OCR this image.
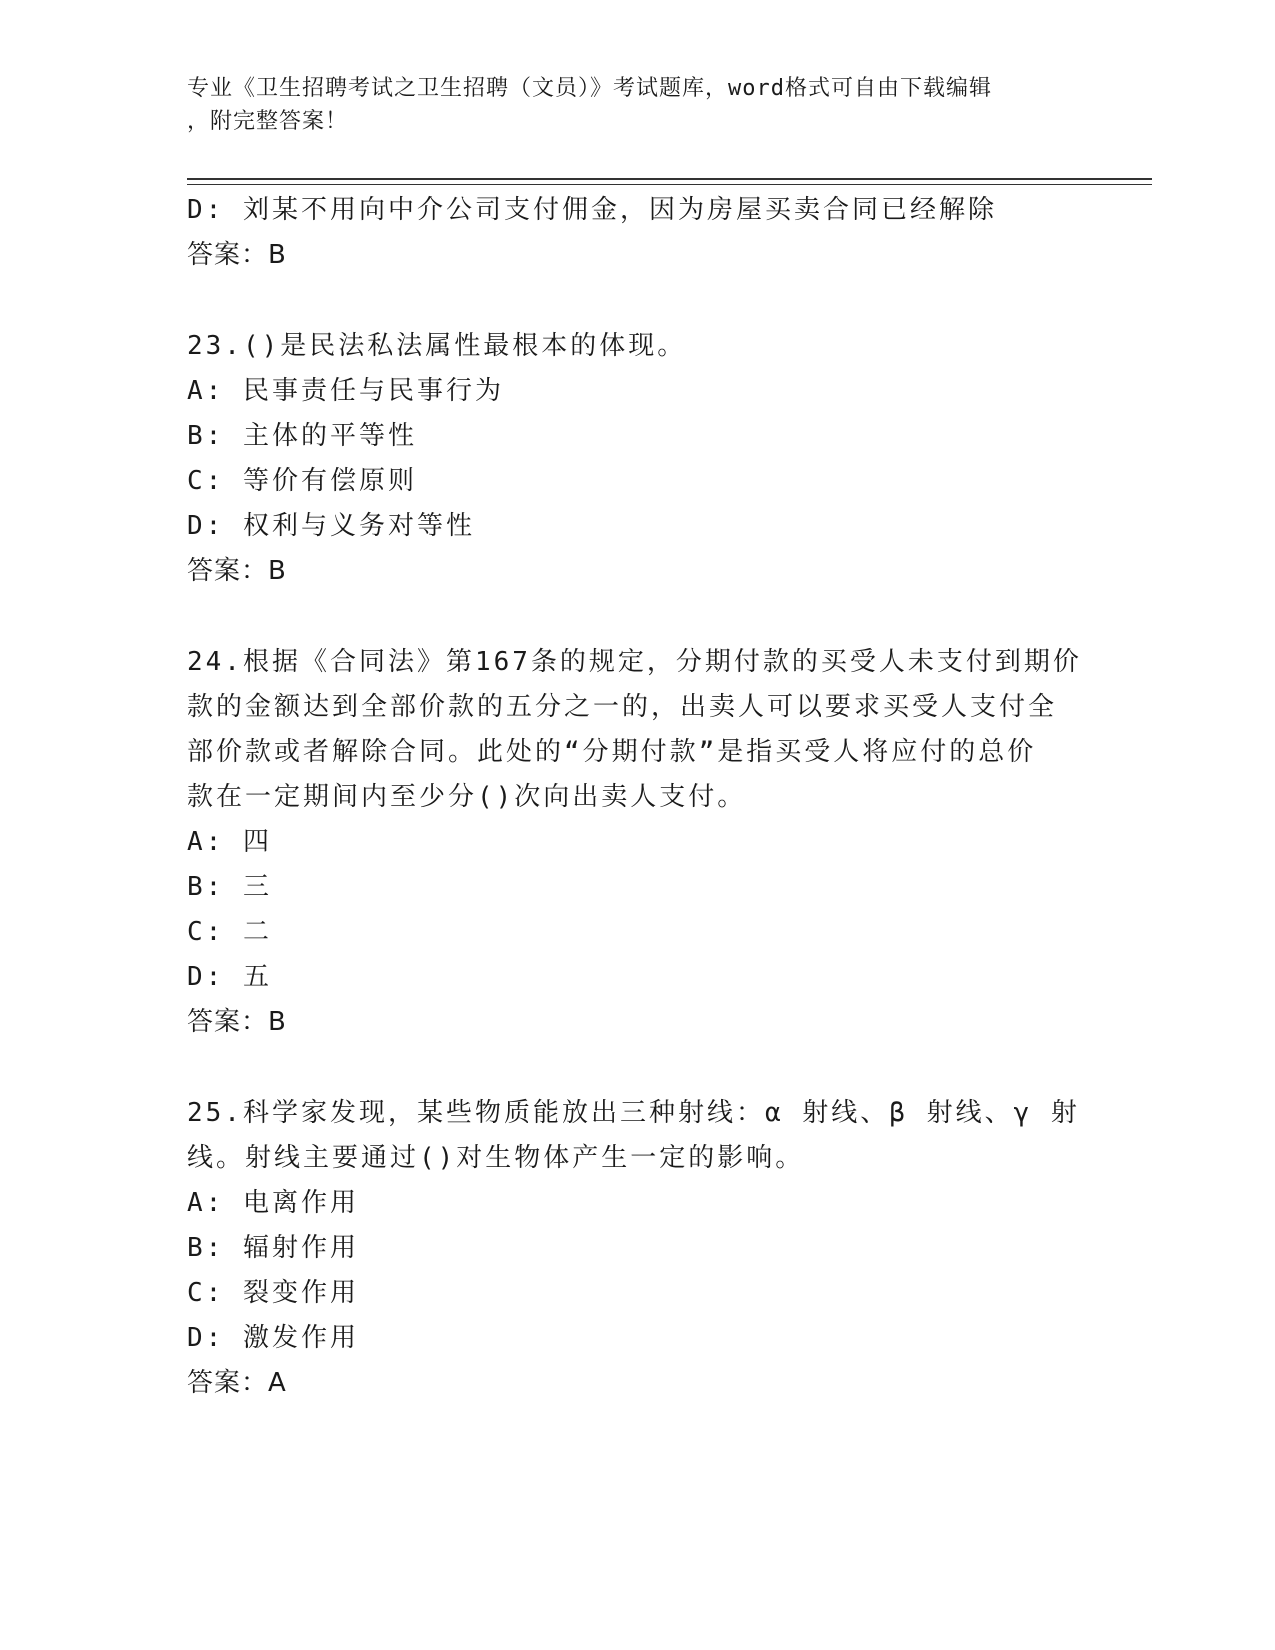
专业《卫生招聘考试之卫生招聘（文员）》考试题库，word格式可自由下载编辑
，附完整答案！

D: 刘某不用向中介公司支付佣金，因为房屋买卖合同已经解除

答案：B

23.()是民法私法属性最根本的体现。

A: 民事责任与民事行为

B: 主体的平等性

C: 等价有偿原则

D: 权利与义务对等性

答案：B

24.根据《合同法》第167条的规定，分期付款的买受人未支付到期价

款的金额达到全部价款的五分之一的，出卖人可以要求买受人支付全

部价款或者解除合同。此处的“分期付款”是指买受人将应付的总价

款在一定期间内至少分()次向出卖人支付。

A: 四

B: 三

C: 二

D: 五

答案：B

25.科学家发现，某些物质能放出三种射线：α 射线、β 射线、γ 射

线。射线主要通过()对生物体产生一定的影响。

A: 电离作用

B: 辐射作用

C: 裂变作用

D: 激发作用

答案：A
